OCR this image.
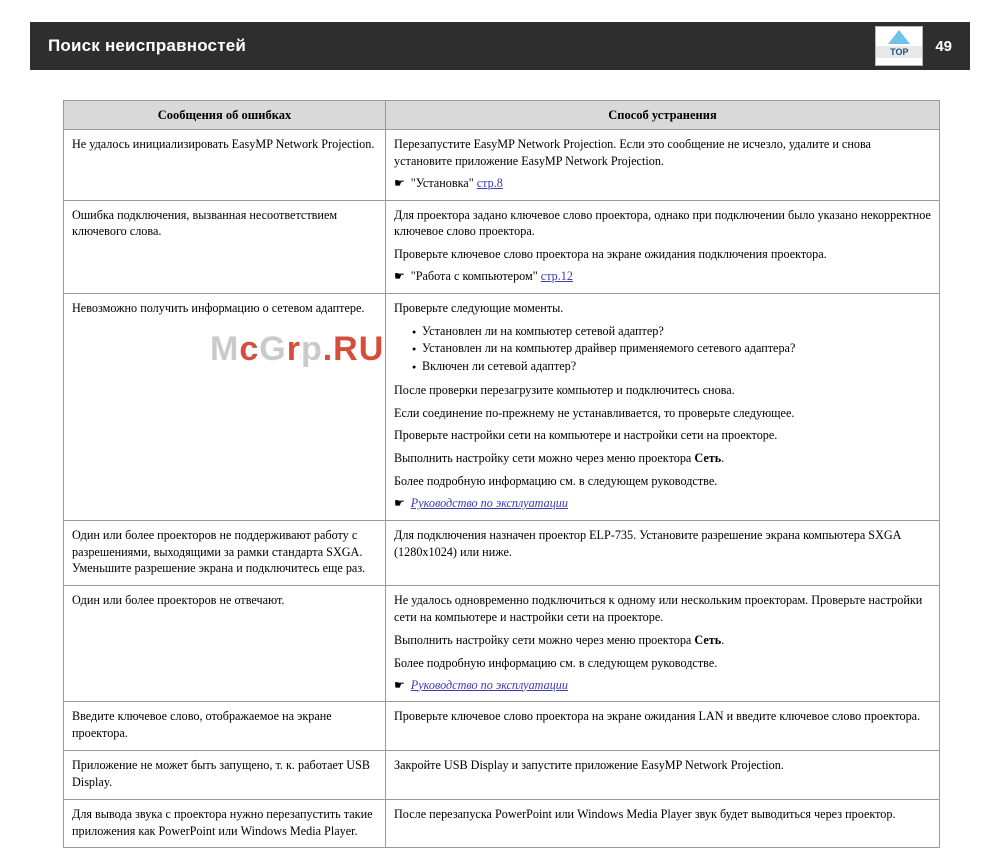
Поиск неисправностей	TOP	49
Сообщения об ошибках	Способ устранения

Не удалось инициализировать EasyMP Network Projection.	Перезапустите EasyMP Network Projection. Если это сообщение не исчезло, удалите и снова установите приложение EasyMP Network Projection.

☛ "Установка" стр.8

Ошибка подключения, вызванная несоответствием ключевого слова.	Для проектора задано ключевое слово проектора, однако при подключении было указано некорректное ключевое слово проектора.

Проверьте ключевое слово проектора на экране ожидания подключения проектора.

☛ "Работа с компьютером" стр.12

Невозможно получить информацию о сетевом адаптере.	Проверьте следующие моменты.

● Установлен ли на компьютер сетевой адаптер?
● Установлен ли на компьютер драйвер применяемого сетевого адаптера?
● Включен ли сетевой адаптер?

После проверки перезагрузите компьютер и подключитесь снова.

Если соединение по-прежнему не устанавливается, то проверьте следующее.

Проверьте настройки сети на компьютере и настройки сети на проекторе.

Выполнить настройку сети можно через меню проектора Сеть.

Более подробную информацию см. в следующем руководстве.

☛ Руководство по эксплуатации

Один или более проекторов не поддерживают работу с разрешениями, выходящими за рамки стандарта SXGA. Уменьшите разрешение экрана и подключитесь еще раз.	Для подключения назначен проектор ELP-735. Установите разрешение экрана компьютера SXGA (1280x1024) или ниже.

Один или более проекторов не отвечают.	Не удалось одновременно подключиться к одному или нескольким проекторам. Проверьте настройки сети на компьютере и настройки сети на проекторе.

Выполнить настройку сети можно через меню проектора Сеть.

Более подробную информацию см. в следующем руководстве.

☛ Руководство по эксплуатации

Введите ключевое слово, отображаемое на экране проектора.	Проверьте ключевое слово проектора на экране ожидания LAN и введите ключевое слово проектора.

Приложение не может быть запущено, т. к. работает USB Display.	Закройте USB Display и запустите приложение EasyMP Network Projection.

Для вывода звука с проектора нужно перезапустить такие приложения как PowerPoint или Windows Media Player.	После перезапуска PowerPoint или Windows Media Player звук будет выводиться через проектор.

McGrp.RU
